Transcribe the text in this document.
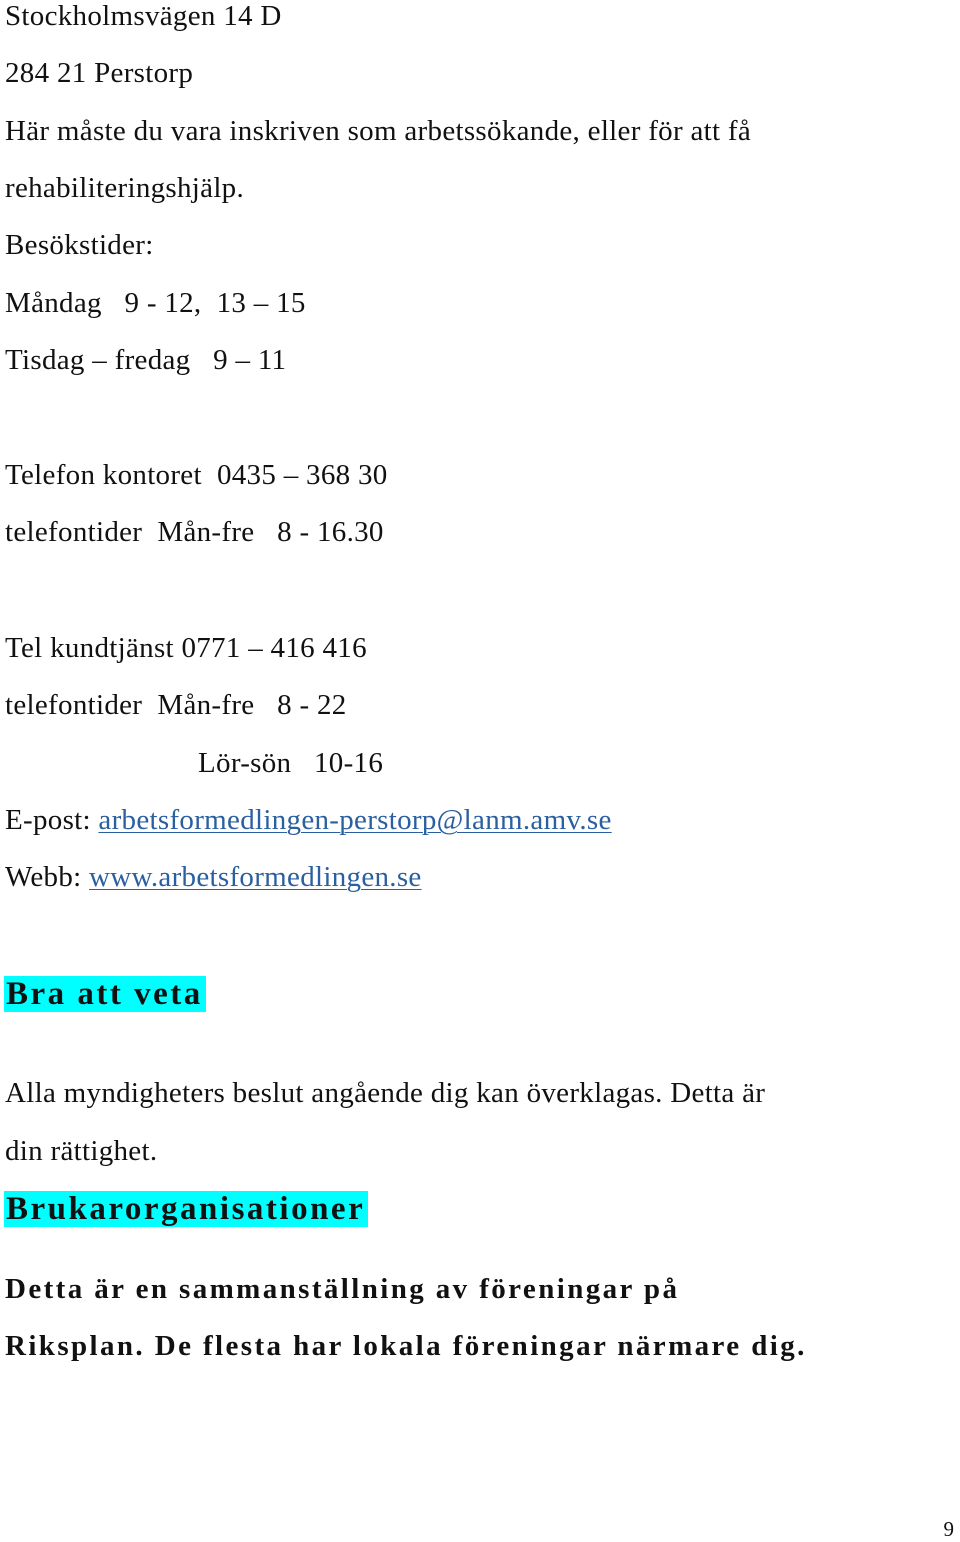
Stockholmsvägen 14 D
284 21 Perstorp
Här måste du vara inskriven som arbetssökande, eller för att få
rehabiliteringshjälp.
Besökstider:
Måndag   9 - 12,  13 – 15
Tisdag – fredag   9 – 11
Telefon kontoret  0435 – 368 30
telefontider  Mån-fre   8 - 16.30
Tel kundtjänst 0771 – 416 416
telefontider  Mån-fre   8 - 22
Lör-sön   10-16
E-post: arbetsformedlingen-perstorp@lanm.amv.se
Webb: www.arbetsformedlingen.se
Bra att veta
Alla myndigheters beslut angående dig kan överklagas. Detta är
din rättighet.
Brukarorganisationer
Detta är en sammanställning av föreningar på
Riksplan. De flesta har lokala föreningar närmare dig.
9
